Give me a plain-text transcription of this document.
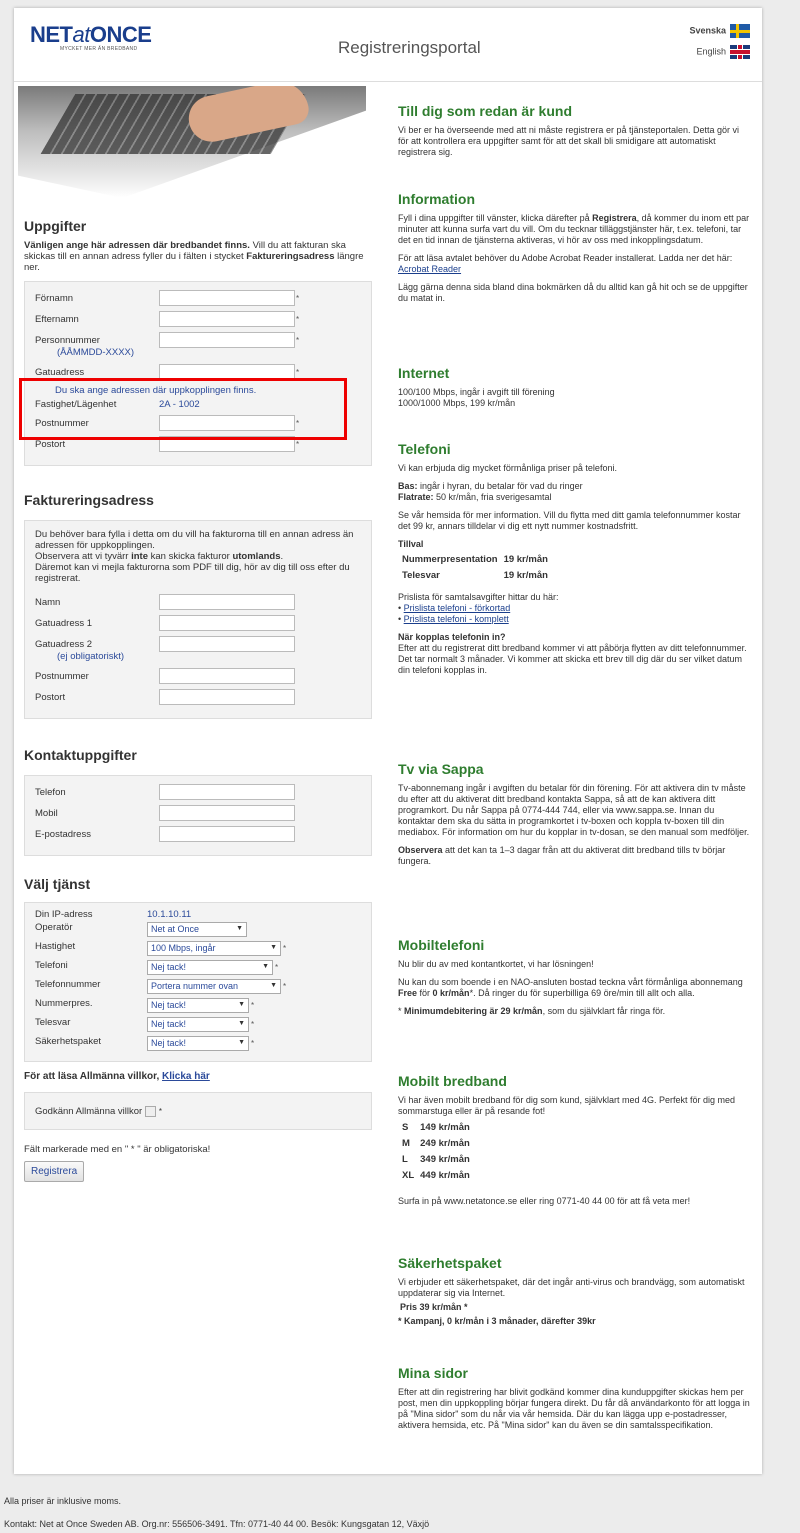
NETatONCE
MYCKET MER ÄN BREDBAND	Registreringsportal
Svenska
English
Uppgifter
Vänligen ange här adressen där bredbandet finns. Vill du att fakturan ska skickas till en annan adress fyller du i fälten i stycket Faktureringsadress längre ner.
Förnamn	*
Efternamn	*
Personnummer	*
(ÅÅMMDD-XXXX)
Gatuadress	*
Du ska ange adressen där uppkopplingen finns.
Fastighet/Lägenhet	2A - 1002
Postnummer	*
Postort	*
Faktureringsadress
Du behöver bara fylla i detta om du vill ha fakturorna till en annan adress än adressen för uppkopplingen.
Observera att vi tyvärr inte kan skicka fakturor utomlands.
Däremot kan vi mejla fakturorna som PDF till dig, hör av dig till oss efter du registrerat.
Namn
Gatuadress 1
Gatuadress 2
(ej obligatoriskt)
Postnummer
Postort
Kontaktuppgifter
Telefon
Mobil
E-postadress
Välj tjänst
Din IP-adress	10.1.10.11
Operatör	Net at Once	▼
Hastighet	100 Mbps, ingår	▼ *
Telefoni	Nej tack!	▼ *
Telefonnummer	Portera nummer ovan	▼ *
Nummerpres.	Nej tack!	▼ *
Telesvar	Nej tack!	▼ *
Säkerhetspaket	Nej tack!	▼ *
För att läsa Allmänna villkor, Klicka här
Godkänn Allmänna villkor *
Fält markerade med en " * " är obligatoriska!
Registrera
Till dig som redan är kund

Vi ber er ha överseende med att ni måste registrera er på tjänsteportalen. Detta gör vi för att kontrollera era uppgifter samt för att det skall bli smidigare att automatiskt registrera sig.

Information

Fyll i dina uppgifter till vänster, klicka därefter på Registrera, då kommer du inom ett par minuter att kunna surfa vart du vill. Om du tecknar tilläggstjänster här, t.ex. telefoni, tar det en tid innan de tjänsterna aktiveras, vi hör av oss med inkopplingsdatum.

För att läsa avtalet behöver du Adobe Acrobat Reader installerat. Ladda ner det här: Acrobat Reader

Lägg gärna denna sida bland dina bokmärken då du alltid kan gå hit och se de uppgifter du matat in.

Internet
100/100 Mbps, ingår i avgift till förening
1000/1000 Mbps, 199 kr/mån
Telefoni

Vi kan erbjuda dig mycket förmånliga priser på telefoni.

Bas: ingår i hyran, du betalar för vad du ringer
Flatrate: 50 kr/mån, fria sverigesamtal

Se vår hemsida för mer information. Vill du flytta med ditt gamla telefonnummer kostar det 99 kr, annars tilldelar vi dig ett nytt nummer kostnadsfritt.

Tillval
Nummerpresentation	19 kr/mån
Telesvar	19 kr/mån

Prislista för samtalsavgifter hittar du här:
• Prislista telefoni - förkortad
• Prislista telefoni - komplett

När kopplas telefonin in?
Efter att du registrerat ditt bredband kommer vi att påbörja flytten av ditt telefonnummer. Det tar normalt 3 månader. Vi kommer att skicka ett brev till dig där du ser vilket datum din telefoni kopplas in.

Tv via Sappa

Tv-abonnemang ingår i avgiften du betalar för din förening. För att aktivera din tv måste du efter att du aktiverat ditt bredband kontakta Sappa, så att de kan aktivera ditt programkort. Du når Sappa på 0774-444 744, eller via www.sappa.se. Innan du kontaktar dem ska du sätta in programkortet i tv-boxen och koppla tv-boxen till din mediabox. För information om hur du kopplar in tv-dosan, se den manual som medföljer.

Observera att det kan ta 1–3 dagar från att du aktiverat ditt bredband tills tv börjar fungera.

Mobiltelefoni

Nu blir du av med kontantkortet, vi har lösningen!

Nu kan du som boende i en NAO-ansluten bostad teckna vårt förmånliga abonnemang Free för 0 kr/mån*. Då ringer du för superbilliga 69 öre/min till allt och alla.

* Minimumdebitering är 29 kr/mån, som du självklart får ringa för.

Mobilt bredband

Vi har även mobilt bredband för dig som kund, självklart med 4G. Perfekt för dig med sommarstuga eller är på resande fot!

S	149 kr/mån
M	249 kr/mån
L	349 kr/mån
XL	449 kr/mån

Surfa in på www.netatonce.se eller ring 0771-40 44 00 för att få veta mer!

Säkerhetspaket

Vi erbjuder ett säkerhetspaket, där det ingår anti-virus och brandvägg, som automatiskt uppdaterar sig via Internet.

Pris 39 kr/mån *
* Kampanj, 0 kr/mån i 3 månader, därefter 39kr
Mina sidor

Efter att din registrering har blivit godkänd kommer dina kunduppgifter skickas hem per post, men din uppkoppling börjar fungera direkt. Du får då användarkonto för att logga in på "Mina sidor" som du når via vår hemsida. Där du kan lägga upp e-postadresser, aktivera hemsida, etc. På "Mina sidor" kan du även se din samtalsspecifikation.

Alla priser är inklusive moms.
Kontakt: Net at Once Sweden AB. Org.nr: 556506-3491. Tfn: 0771-40 44 00. Besök: Kungsgatan 12, Växjö
